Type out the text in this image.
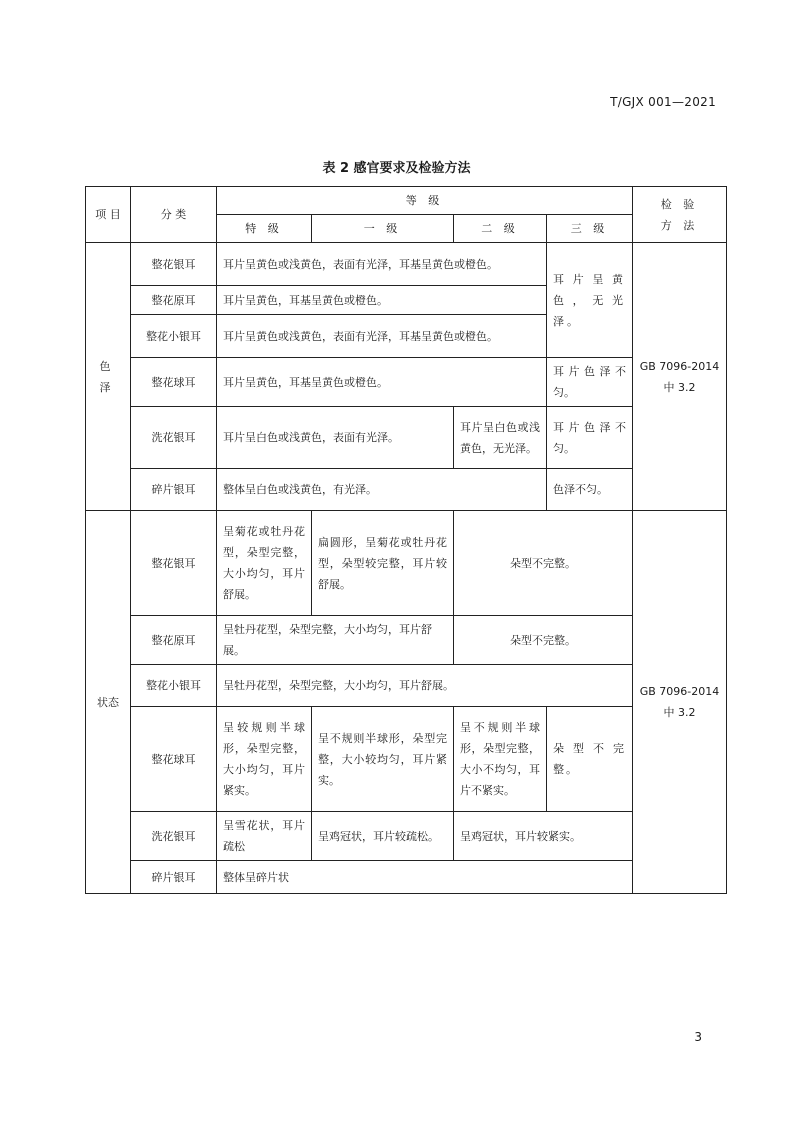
T/GJX 001—2021
表 2 感官要求及检验方法
项 目	分 类	等 级				检 验
方 法
		特 级	一 级	二 级	三 级	
色 泽	整花银耳	耳片呈黄色或浅黄色，表面有光泽，耳基呈黄色或橙色。			耳片呈黄色，无光泽。	GB 7096-2014
中 3.2
	整花原耳	耳片呈黄色，耳基呈黄色或橙色。				
	整花小银耳	耳片呈黄色或浅黄色，表面有光泽，耳基呈黄色或橙色。				
	整花球耳	耳片呈黄色，耳基呈黄色或橙色。			耳片色泽不匀。	
	洗花银耳	耳片呈白色或浅黄色，表面有光泽。		耳片呈白色或浅黄色，无光泽。	耳片色泽不匀。	
	碎片银耳	整体呈白色或浅黄色，有光泽。			色泽不匀。	
状态	整花银耳	呈菊花或牡丹花型，朵型完整，大小均匀，耳片舒展。	扁圆形，呈菊花或牡丹花型，朵型较完整，耳片较舒展。	朵型不完整。		GB 7096-2014
中 3.2
	整花原耳	呈牡丹花型，朵型完整，大小均匀，耳片舒展。		朵型不完整。		
	整花小银耳	呈牡丹花型，朵型完整，大小均匀，耳片舒展。				
	整花球耳	呈较规则半球形，朵型完整，大小均匀，耳片紧实。	呈不规则半球形，朵型完整，大小较均匀，耳片紧实。	呈不规则半球形，朵型完整，大小不均匀，耳片不紧实。	朵型不完整。	
	洗花银耳	呈雪花状，耳片疏松	呈鸡冠状，耳片较疏松。	呈鸡冠状，耳片较紧实。		
	碎片银耳	整体呈碎片状				
3
